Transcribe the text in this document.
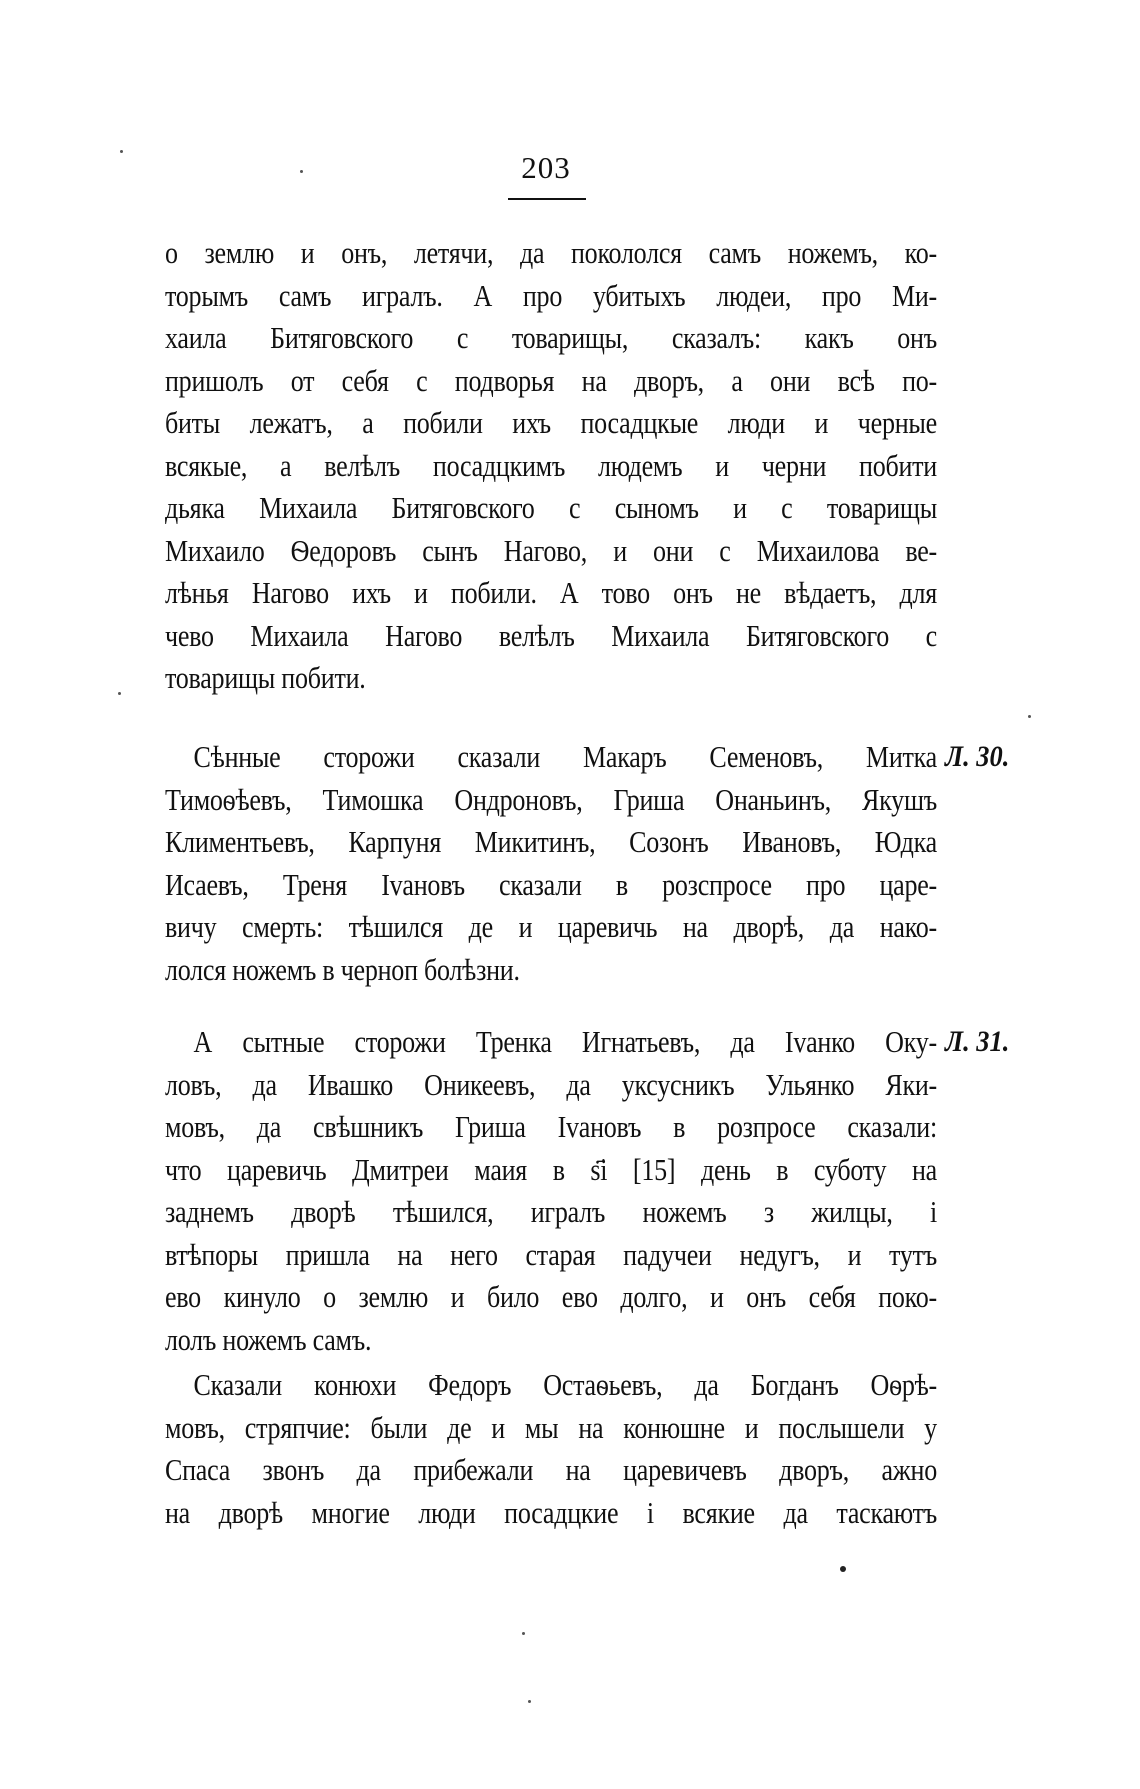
203
о землю и онъ, летячи, да покололся самъ ножемъ, ко-
торымъ самъ игралъ. А про убитыхъ людеи, про Ми-
хаила Битяговского с товарищы, сказалъ: какъ онъ
пришолъ от себя с подворья на дворъ, а они всѣ по-
биты лежатъ, а побили ихъ посадцкые люди и черные
всякые, а велѣлъ посадцкимъ людемъ и черни побити
дьяка Михаила Битяговского с сыномъ и с товарищы
Михаило Ѳедоровъ сынъ Нагово, и они с Михаилова ве-
лѣнья Нагово ихъ и побили. А тово онъ не вѣдаетъ, для
чево Михаила Нагово велѣлъ Михаила Битяговского с
товарищы побити.
Сѣнные сторожи сказали Макаръ Семеновъ, Митка
Тимоѳѣевъ, Тимошка Ондроновъ, Гриша Онаньинъ, Якушъ
Климентьевъ, Карпуня Микитинъ, Созонъ Ивановъ, Юдка
Исаевъ, Треня Іvановъ сказали в розспросе про царе-
вичу смерть: тѣшился де и царевичь на дворѣ, да нако-
лолся ножемъ в черноп болѣзни.
А сытные сторожи Тренка Игнатьевъ, да Іvанко Оку-
ловъ, да Ивашко Оникеевъ, да уксусникъ Ульянко Яки-
мовъ, да свѣшникъ Гриша Іvановъ в розпросе сказали:
что царевичь Дмитреи маия в ѕ҃і [15] день в суботу на
заднемъ дворѣ тѣшился, игралъ ножемъ з жилцы, і
втѣпоры пришла на него старая падучеи недугъ, и тутъ
ево кинуло о землю и било ево долго, и онъ себя поко-
лолъ ножемъ самъ.
Сказали конюхи Федоръ Остаѳьевъ, да Богданъ Оѳрѣ-
мовъ, стряпчие: были де и мы на конюшне и послышели у
Спаса звонъ да прибежали на царевичевъ дворъ, ажно
на дворѣ многие люди посадцкие і всякие да таскаютъ
Л. 30.
Л. 31.
